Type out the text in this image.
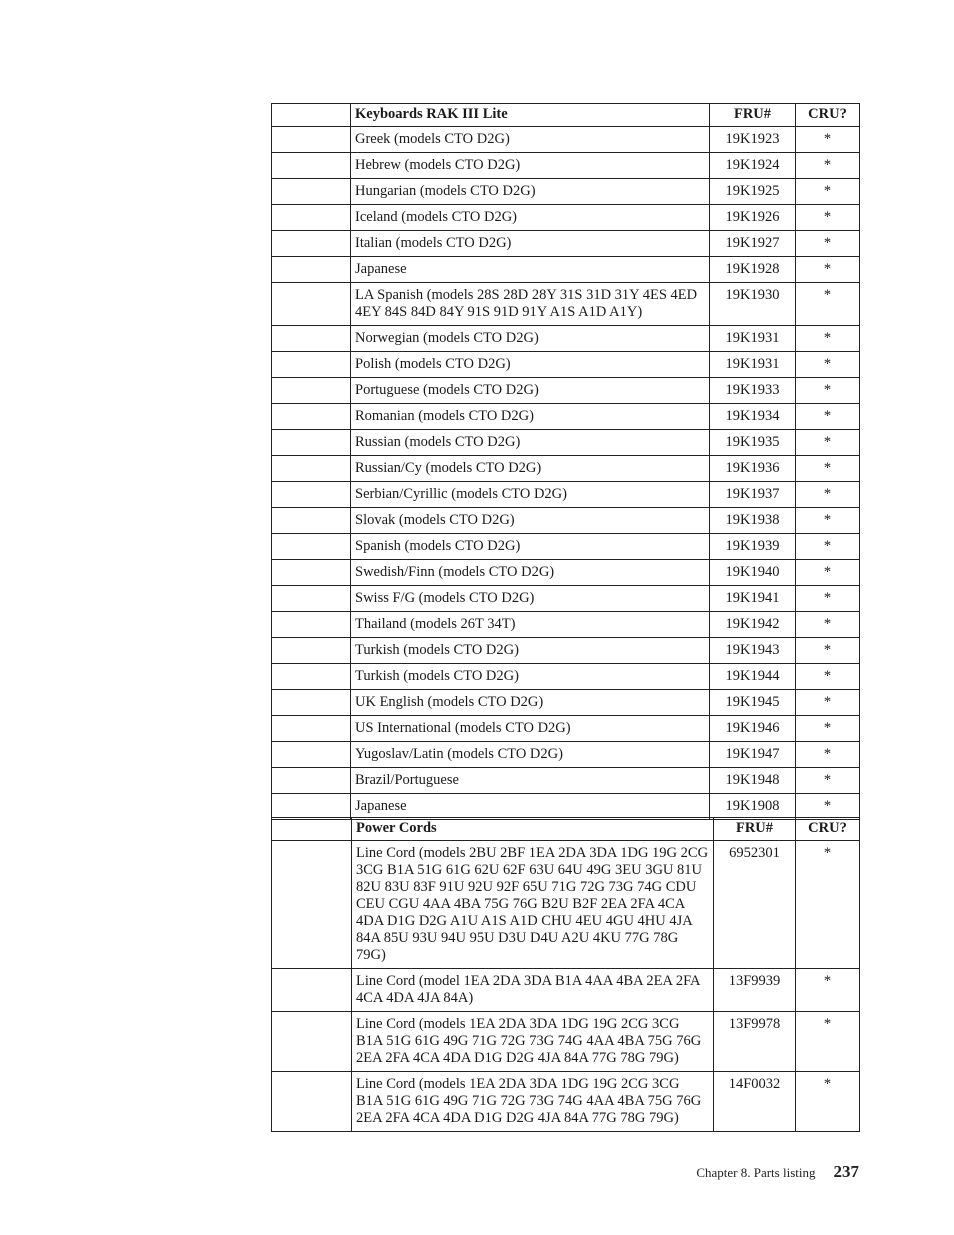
	Keyboards RAK III Lite	FRU#	CRU?
	Greek (models CTO D2G)	19K1923	*
	Hebrew (models CTO D2G)	19K1924	*
	Hungarian (models CTO D2G)	19K1925	*
	Iceland (models CTO D2G)	19K1926	*
	Italian (models CTO D2G)	19K1927	*
	Japanese	19K1928	*
	LA Spanish (models 28S 28D 28Y 31S 31D 31Y 4ES 4ED 4EY 84S 84D 84Y 91S 91D 91Y A1S A1D A1Y)	19K1930	*
	Norwegian (models CTO D2G)	19K1931	*
	Polish (models CTO D2G)	19K1931	*
	Portuguese (models CTO D2G)	19K1933	*
	Romanian (models CTO D2G)	19K1934	*
	Russian (models CTO D2G)	19K1935	*
	Russian/Cy (models CTO D2G)	19K1936	*
	Serbian/Cyrillic (models CTO D2G)	19K1937	*
	Slovak (models CTO D2G)	19K1938	*
	Spanish (models CTO D2G)	19K1939	*
	Swedish/Finn (models CTO D2G)	19K1940	*
	Swiss F/G (models CTO D2G)	19K1941	*
	Thailand (models 26T 34T)	19K1942	*
	Turkish (models CTO D2G)	19K1943	*
	Turkish (models CTO D2G)	19K1944	*
	UK English (models CTO D2G)	19K1945	*
	US International (models CTO D2G)	19K1946	*
	Yugoslav/Latin (models CTO D2G)	19K1947	*
	Brazil/Portuguese	19K1948	*
	Japanese	19K1908	*
	Power Cords	FRU#	CRU?
	Line Cord (models 2BU 2BF 1EA 2DA 3DA 1DG 19G 2CG 3CG B1A 51G 61G 62U 62F 63U 64U 49G 3EU 3GU 81U 82U 83U 83F 91U 92U 92F 65U 71G 72G 73G 74G CDU CEU CGU 4AA 4BA 75G 76G B2U B2F 2EA 2FA 4CA 4DA D1G D2G A1U A1S A1D CHU 4EU 4GU 4HU 4JA 84A 85U 93U 94U 95U D3U D4U A2U 4KU 77G 78G 79G)	6952301	*
	Line Cord (model 1EA 2DA 3DA B1A 4AA 4BA 2EA 2FA 4CA 4DA 4JA 84A)	13F9939	*
	Line Cord (models 1EA 2DA 3DA 1DG 19G 2CG 3CG B1A 51G 61G 49G 71G 72G 73G 74G 4AA 4BA 75G 76G 2EA 2FA 4CA 4DA D1G D2G 4JA 84A 77G 78G 79G)	13F9978	*
	Line Cord (models 1EA 2DA 3DA 1DG 19G 2CG 3CG B1A 51G 61G 49G 71G 72G 73G 74G 4AA 4BA 75G 76G 2EA 2FA 4CA 4DA D1G D2G 4JA 84A 77G 78G 79G)	14F0032	*
Chapter 8. Parts listing 237
